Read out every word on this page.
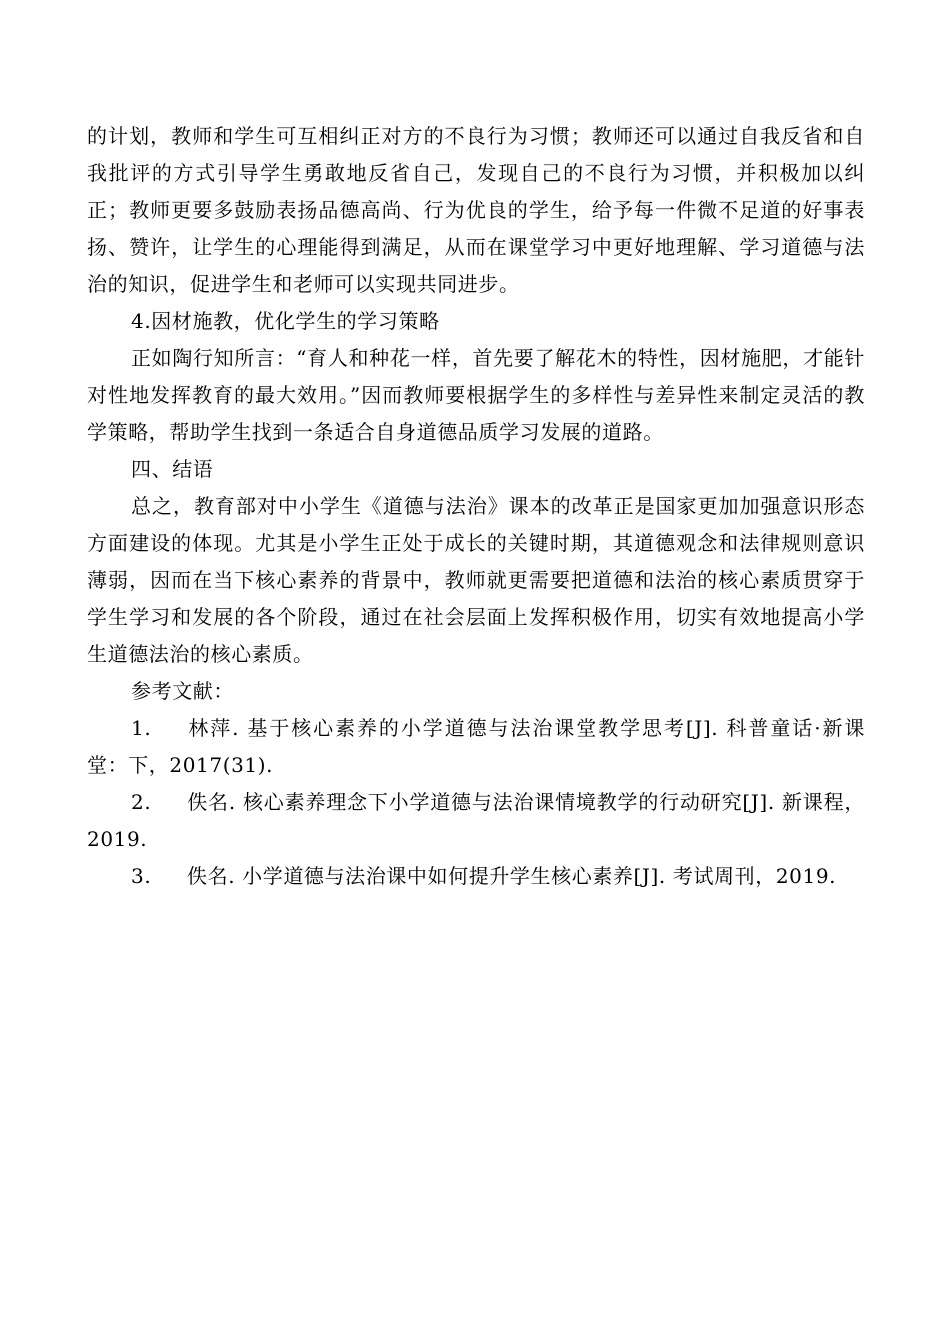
的计划，教师和学生可互相纠正对方的不良行为习惯；教师还可以通过自我反省和自我批评的方式引导学生勇敢地反省自己，发现自己的不良行为习惯，并积极加以纠正；教师更要多鼓励表扬品德高尚、行为优良的学生，给予每一件微不足道的好事表扬、赞许，让学生的心理能得到满足，从而在课堂学习中更好地理解、学习道德与法治的知识，促进学生和老师可以实现共同进步。

4.因材施教，优化学生的学习策略

正如陶行知所言：“育人和种花一样，首先要了解花木的特性，因材施肥，才能针对性地发挥教育的最大效用。”因而教师要根据学生的多样性与差异性来制定灵活的教学策略，帮助学生找到一条适合自身道德品质学习发展的道路。

四、结语

总之，教育部对中小学生《道德与法治》课本的改革正是国家更加加强意识形态方面建设的体现。尤其是小学生正处于成长的关键时期，其道德观念和法律规则意识薄弱，因而在当下核心素养的背景中，教师就更需要把道德和法治的核心素质贯穿于学生学习和发展的各个阶段，通过在社会层面上发挥积极作用，切实有效地提高小学生道德法治的核心素质。

参考文献：

1. 林萍. 基于核心素养的小学道德与法治课堂教学思考[J]. 科普童话·新课堂：下，2017(31).

2. 佚名. 核心素养理念下小学道德与法治课情境教学的行动研究[J]. 新课程，2019.

3. 佚名. 小学道德与法治课中如何提升学生核心素养[J]. 考试周刊，2019.
